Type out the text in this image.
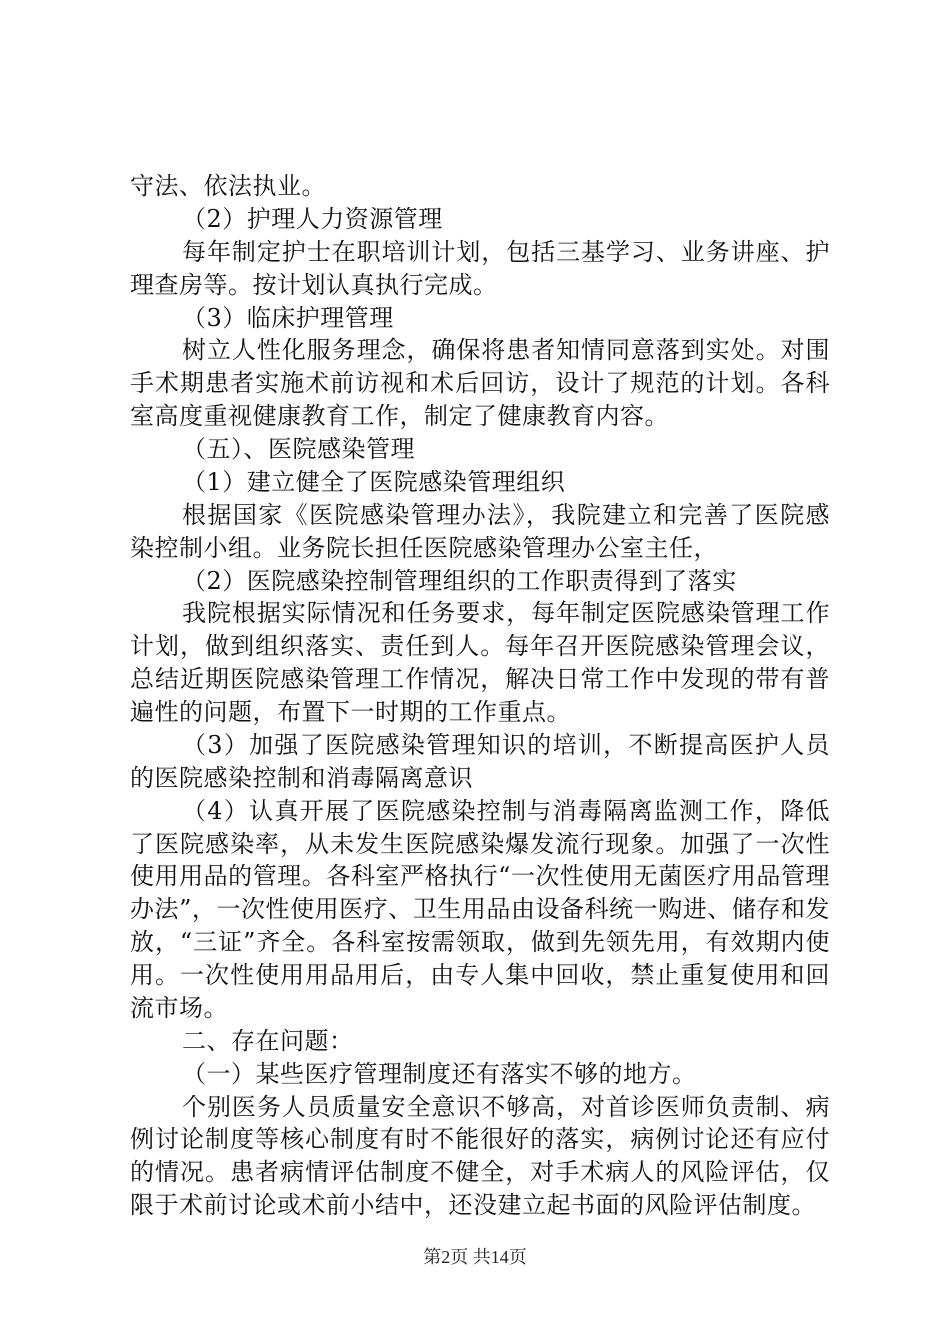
守法、依法执业。

（2）护理人力资源管理

每年制定护士在职培训计划，包括三基学习、业务讲座、护理查房等。按计划认真执行完成。

（3）临床护理管理

树立人性化服务理念，确保将患者知情同意落到实处。对围手术期患者实施术前访视和术后回访，设计了规范的计划。各科室高度重视健康教育工作，制定了健康教育内容。

（五）、医院感染管理

（1）建立健全了医院感染管理组织

根据国家《医院感染管理办法》，我院建立和完善了医院感染控制小组。业务院长担任医院感染管理办公室主任，

（2）医院感染控制管理组织的工作职责得到了落实

我院根据实际情况和任务要求，每年制定医院感染管理工作计划，做到组织落实、责任到人。每年召开医院感染管理会议，总结近期医院感染管理工作情况，解决日常工作中发现的带有普遍性的问题，布置下一时期的工作重点。

（3）加强了医院感染管理知识的培训，不断提高医护人员的医院感染控制和消毒隔离意识

（4）认真开展了医院感染控制与消毒隔离监测工作，降低了医院感染率，从未发生医院感染爆发流行现象。加强了一次性使用用品的管理。各科室严格执行“一次性使用无菌医疗用品管理办法”，一次性使用医疗、卫生用品由设备科统一购进、储存和发放，“三证”齐全。各科室按需领取，做到先领先用，有效期内使用。一次性使用用品用后，由专人集中回收，禁止重复使用和回流市场。

二、存在问题：

（一）某些医疗管理制度还有落实不够的地方。

个别医务人员质量安全意识不够高，对首诊医师负责制、病例讨论制度等核心制度有时不能很好的落实，病例讨论还有应付的情况。患者病情评估制度不健全，对手术病人的风险评估，仅限于术前讨论或术前小结中，还没建立起书面的风险评估制度。

第2页 共14页
